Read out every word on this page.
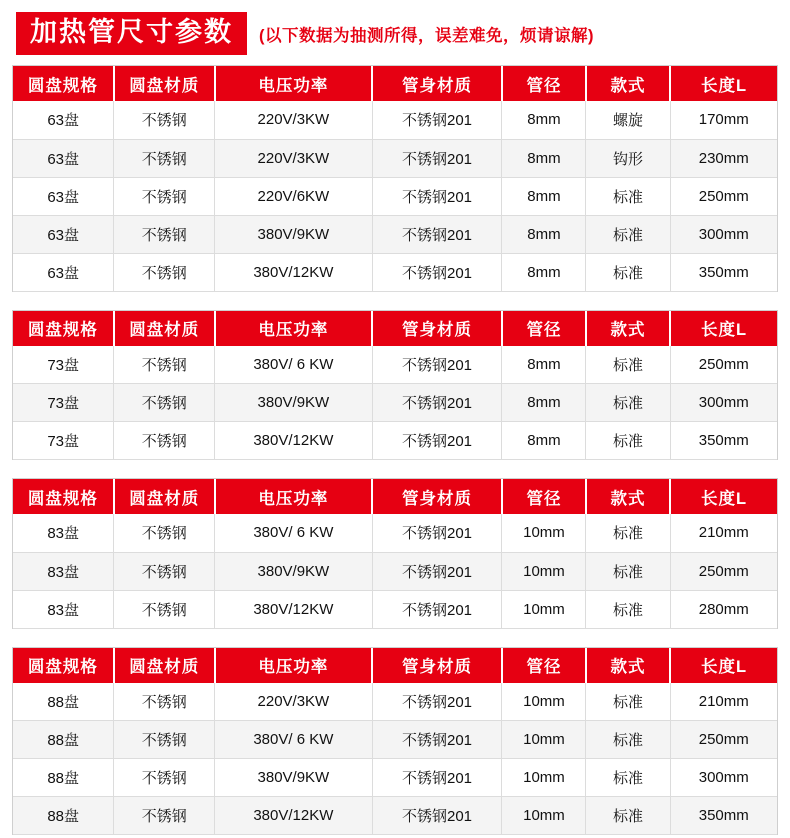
加热管尺寸参数	(以下数据为抽测所得，误差难免，烦请谅解)
圆盘规格	圆盘材质	电压功率	管身材质	管径	款式	长度L
63盘	不锈钢	220V/3KW	不锈钢201	8mm	螺旋	170mm
63盘	不锈钢	220V/3KW	不锈钢201	8mm	钩形	230mm
63盘	不锈钢	220V/6KW	不锈钢201	8mm	标准	250mm
63盘	不锈钢	380V/9KW	不锈钢201	8mm	标准	300mm
63盘	不锈钢	380V/12KW	不锈钢201	8mm	标准	350mm
圆盘规格	圆盘材质	电压功率	管身材质	管径	款式	长度L
73盘	不锈钢	380V/ 6 KW	不锈钢201	8mm	标准	250mm
73盘	不锈钢	380V/9KW	不锈钢201	8mm	标准	300mm
73盘	不锈钢	380V/12KW	不锈钢201	8mm	标准	350mm
圆盘规格	圆盘材质	电压功率	管身材质	管径	款式	长度L
83盘	不锈钢	380V/ 6 KW	不锈钢201	10mm	标准	210mm
83盘	不锈钢	380V/9KW	不锈钢201	10mm	标准	250mm
83盘	不锈钢	380V/12KW	不锈钢201	10mm	标准	280mm
圆盘规格	圆盘材质	电压功率	管身材质	管径	款式	长度L
88盘	不锈钢	220V/3KW	不锈钢201	10mm	标准	210mm
88盘	不锈钢	380V/ 6 KW	不锈钢201	10mm	标准	250mm
88盘	不锈钢	380V/9KW	不锈钢201	10mm	标准	300mm
88盘	不锈钢	380V/12KW	不锈钢201	10mm	标准	350mm
